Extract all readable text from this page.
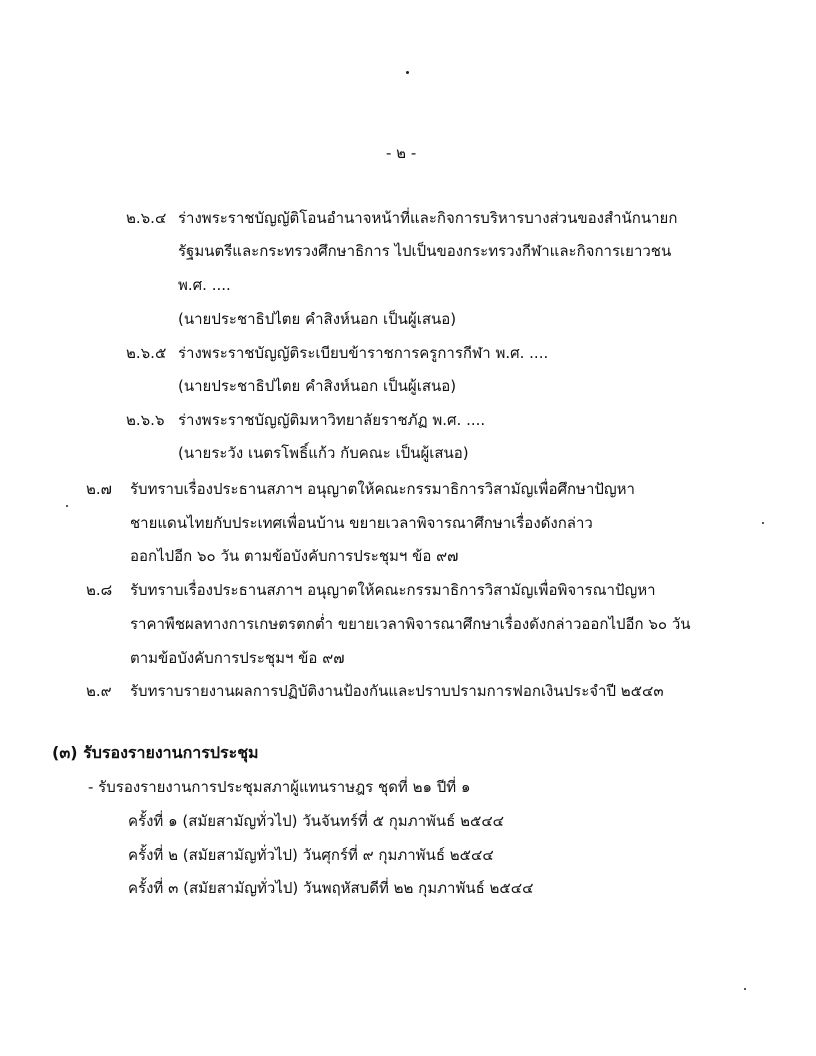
- ๒ -
๒.๖.๔ ร่างพระราชบัญญัติโอนอำนาจหน้าที่และกิจการบริหารบางส่วนของสำนักนายก
รัฐมนตรีและกระทรวงศึกษาธิการ ไปเป็นของกระทรวงกีฬาและกิจการเยาวชน
พ.ศ. ....
(นายประชาธิปไตย คำสิงห์นอก เป็นผู้เสนอ)
๒.๖.๕ ร่างพระราชบัญญัติระเบียบข้าราชการครูการกีฬา พ.ศ. ....
(นายประชาธิปไตย คำสิงห์นอก เป็นผู้เสนอ)
๒.๖.๖ ร่างพระราชบัญญัติมหาวิทยาลัยราชภัฏ พ.ศ. ....
(นายระวัง เนตรโพธิ์แก้ว กับคณะ เป็นผู้เสนอ)
๒.๗ รับทราบเรื่องประธานสภาฯ อนุญาตให้คณะกรรมาธิการวิสามัญเพื่อศึกษาปัญหา
ชายแดนไทยกับประเทศเพื่อนบ้าน ขยายเวลาพิจารณาศึกษาเรื่องดังกล่าว
ออกไปอีก ๖๐ วัน ตามข้อบังคับการประชุมฯ ข้อ ๙๗
๒.๘ รับทราบเรื่องประธานสภาฯ อนุญาตให้คณะกรรมาธิการวิสามัญเพื่อพิจารณาปัญหา
ราคาพืชผลทางการเกษตรตกต่ำ ขยายเวลาพิจารณาศึกษาเรื่องดังกล่าวออกไปอีก ๖๐ วัน
ตามข้อบังคับการประชุมฯ ข้อ ๙๗
๒.๙ รับทราบรายงานผลการปฏิบัติงานป้องกันและปราบปรามการฟอกเงินประจำปี ๒๕๔๓
(๓) รับรองรายงานการประชุม
- รับรองรายงานการประชุมสภาผู้แทนราษฎร ชุดที่ ๒๑ ปีที่ ๑
ครั้งที่ ๑ (สมัยสามัญทั่วไป) วันจันทร์ที่ ๕ กุมภาพันธ์ ๒๕๔๔
ครั้งที่ ๒ (สมัยสามัญทั่วไป) วันศุกร์ที่ ๙ กุมภาพันธ์ ๒๕๔๔
ครั้งที่ ๓ (สมัยสามัญทั่วไป) วันพฤหัสบดีที่ ๒๒ กุมภาพันธ์ ๒๕๔๔
